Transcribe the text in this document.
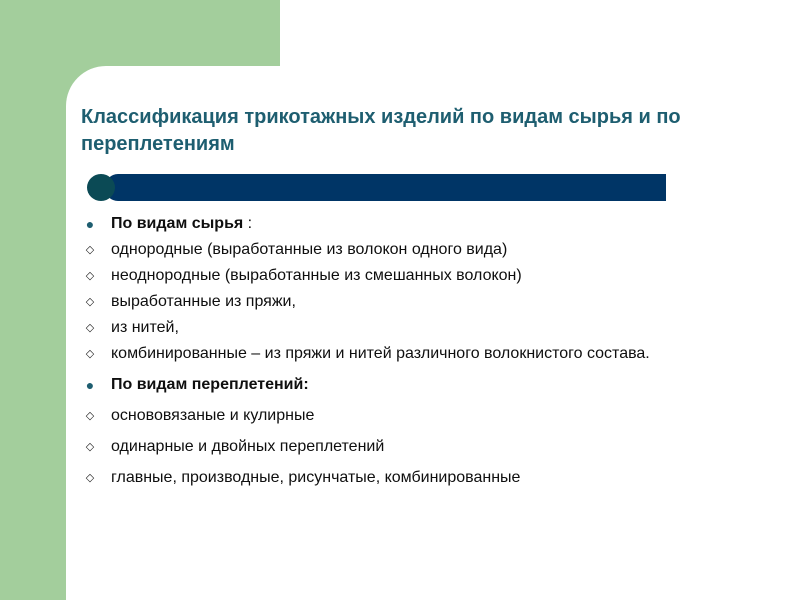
Классификация трикотажных изделий по видам сырья и по переплетениям
●	По видам сырья :
◇	однородные (выработанные из волокон одного вида)
◇	неоднородные (выработанные из смешанных волокон)
◇	выработанные из пряжи,
◇	из нитей,
◇	комбинированные – из пряжи и нитей различного волокнистого состава.
●	По видам переплетений:
◇	основовязаные и кулирные
◇	одинарные и двойных переплетений
◇	главные, производные, рисунчатые, комбинированные
